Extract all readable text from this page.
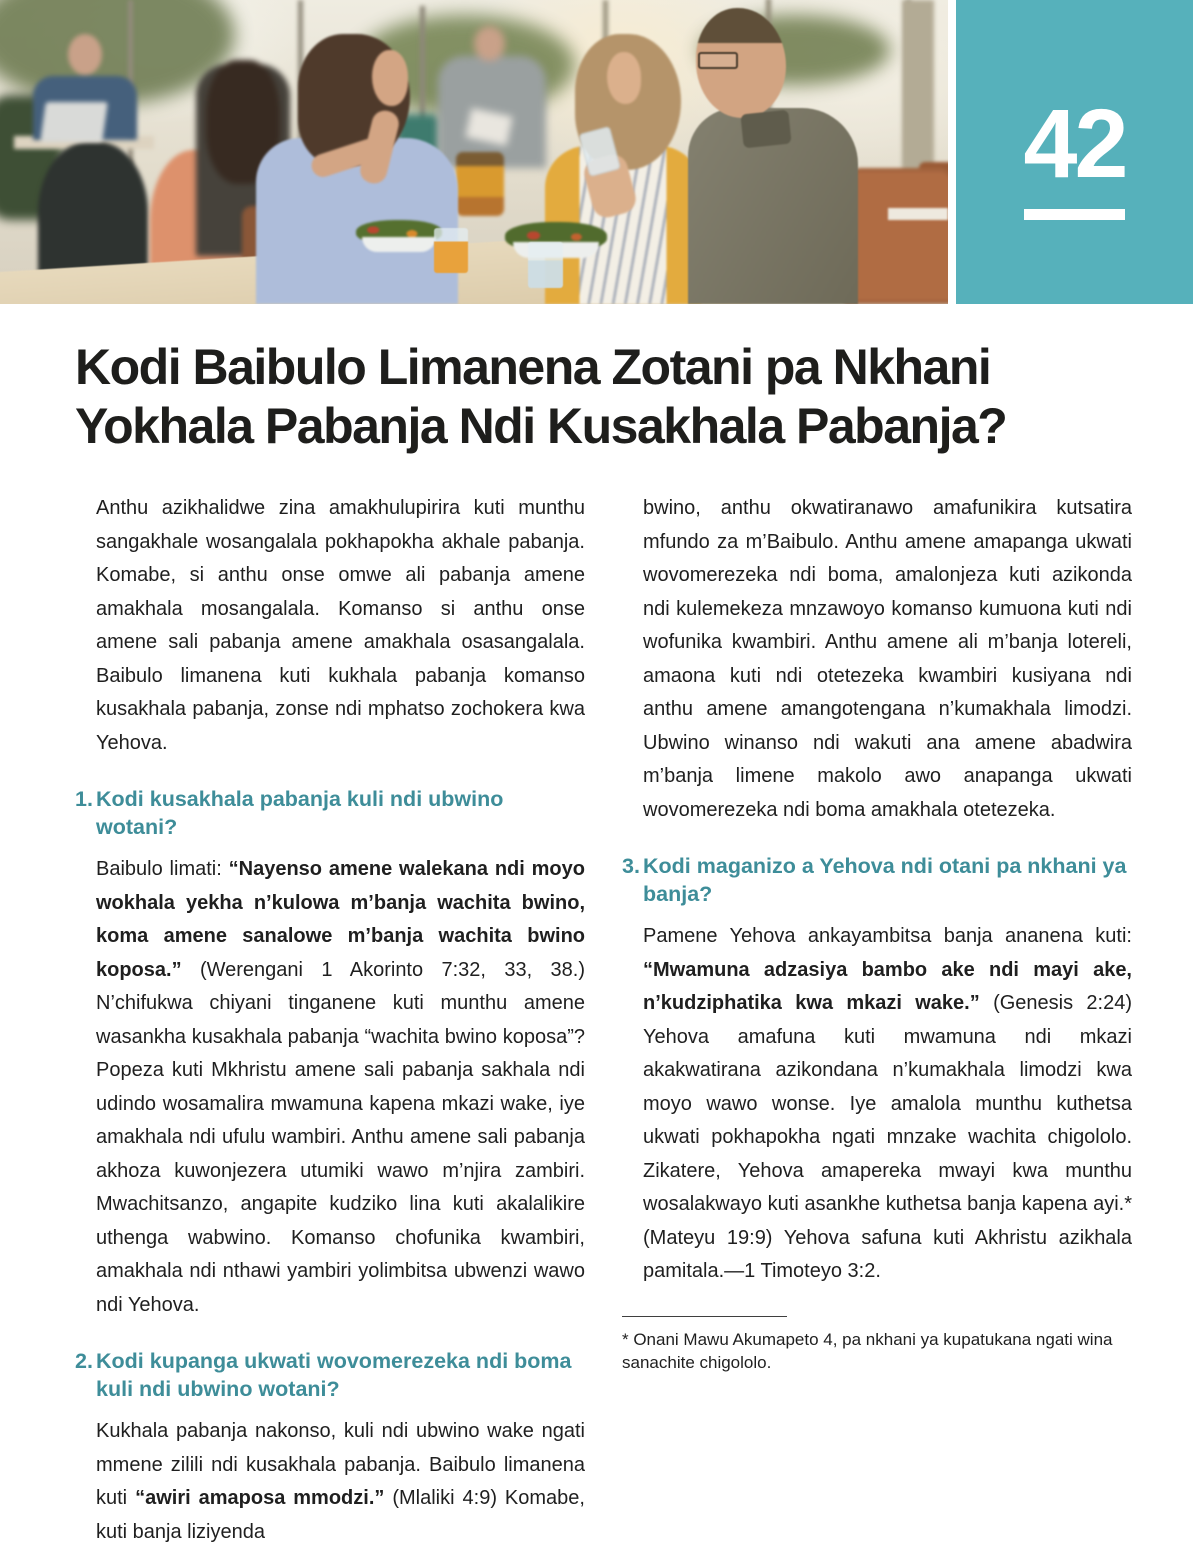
42
Kodi Baibulo Limanena Zotani pa Nkhani
Yokhala Pabanja Ndi Kusakhala Pabanja?

Anthu azikhalidwe zina amakhulupirira kuti munthu sangakhale wosangalala pokhapokha akhale pabanja. Komabe, si anthu onse omwe ali pabanja amene amakhala mosangalala. Komanso si anthu onse amene sali pabanja amene amakhala osasangalala. Baibulo limanena kuti kukhala pabanja komanso kusakhala pabanja, zonse ndi mphatso zochokera kwa Yehova.

1. Kodi kusakhala pabanja kuli ndi ubwino wotani?

Baibulo limati: “Nayenso amene walekana ndi moyo wokhala yekha n’kulowa m’banja wachita bwino, koma amene sanalowe m’banja wachita bwino koposa.” (Werengani 1 Akorinto 7:32, 33, 38.) N’chifukwa chiyani tinganene kuti munthu amene wasankha kusakhala pabanja “wachita bwino koposa”? Popeza kuti Mkhristu amene sali pabanja sakhala ndi udindo wosamalira mwamuna kapena mkazi wake, iye amakhala ndi ufulu wambiri. Anthu amene sali pabanja akhoza kuwonjezera utumiki wawo m’njira zambiri. Mwachitsanzo, angapite kudziko lina kuti akalalikire uthenga wabwino. Komanso chofunika kwambiri, amakhala ndi nthawi yambiri yolimbitsa ubwenzi wawo ndi Yehova.

2. Kodi kupanga ukwati wovomerezeka ndi boma kuli ndi ubwino wotani?

Kukhala pabanja nakonso, kuli ndi ubwino wake ngati mmene zilili ndi kusakhala pabanja. Baibulo limanena kuti “awiri amaposa mmodzi.” (Mlaliki 4:9) Komabe, kuti banja liziyenda

bwino, anthu okwatiranawo amafunikira kutsatira mfundo za m’Baibulo. Anthu amene amapanga ukwati wovomerezeka ndi boma, amalonjeza kuti azikonda ndi kulemekeza mnzawoyo komanso kumuona kuti ndi wofunika kwambiri. Anthu amene ali m’banja lotereli, amaona kuti ndi otetezeka kwambiri kusiyana ndi anthu amene amangotengana n’kumakhala limodzi. Ubwino winanso ndi wakuti ana amene abadwira m’banja limene makolo awo anapanga ukwati wovomerezeka ndi boma amakhala otetezeka.

3. Kodi maganizo a Yehova ndi otani pa nkhani ya banja?

Pamene Yehova ankayambitsa banja ananena kuti: “Mwamuna adzasiya bambo ake ndi mayi ake, n’kudziphatika kwa mkazi wake.” (Genesis 2:24) Yehova amafuna kuti mwamuna ndi mkazi akakwatirana azikondana n’kumakhala limodzi kwa moyo wawo wonse. Iye amalola munthu kuthetsa ukwati pokhapokha ngati mnzake wachita chigololo. Zikatere, Yehova amapereka mwayi kwa munthu wosalakwayo kuti asankhe kuthetsa banja kapena ayi.* (Mateyu 19:9) Yehova safuna kuti Akhristu azikhala pamitala.—1 Timoteyo 3:2.

* Onani Mawu Akumapeto 4, pa nkhani ya kupatukana ngati wina sanachite chigololo.
